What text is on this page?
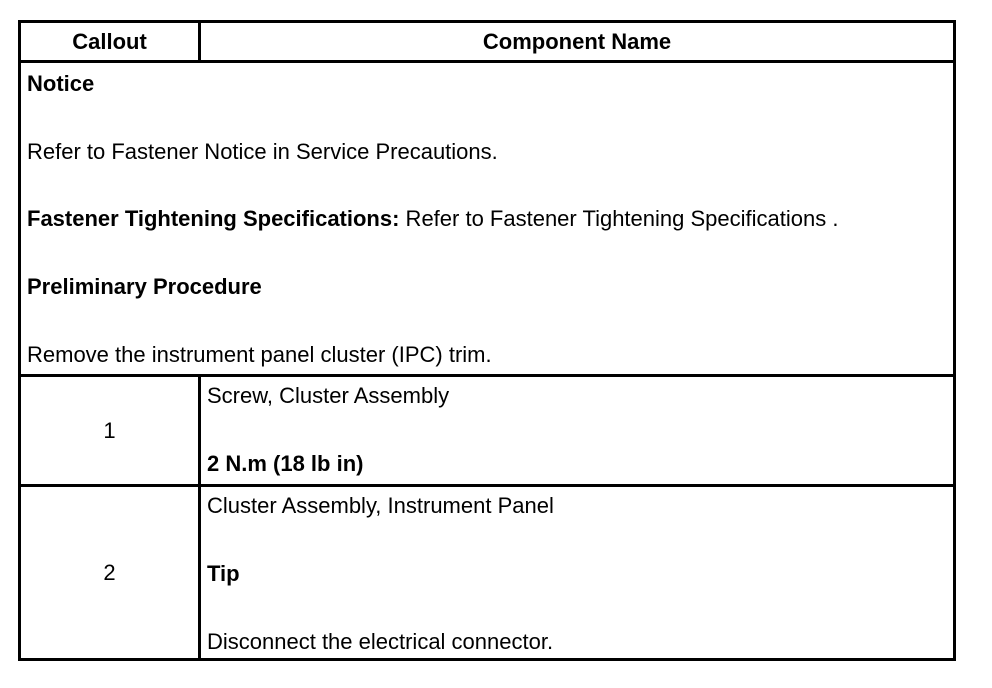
Callout	Component Name
Notice
Refer to Fastener Notice in Service Precautions.
Fastener Tightening Specifications: Refer to Fastener Tightening Specifications .
Preliminary Procedure
Remove the instrument panel cluster (IPC) trim.
1
Screw, Cluster Assembly
2 N.m (18 lb in)
2
Cluster Assembly, Instrument Panel
Tip
Disconnect the electrical connector.
